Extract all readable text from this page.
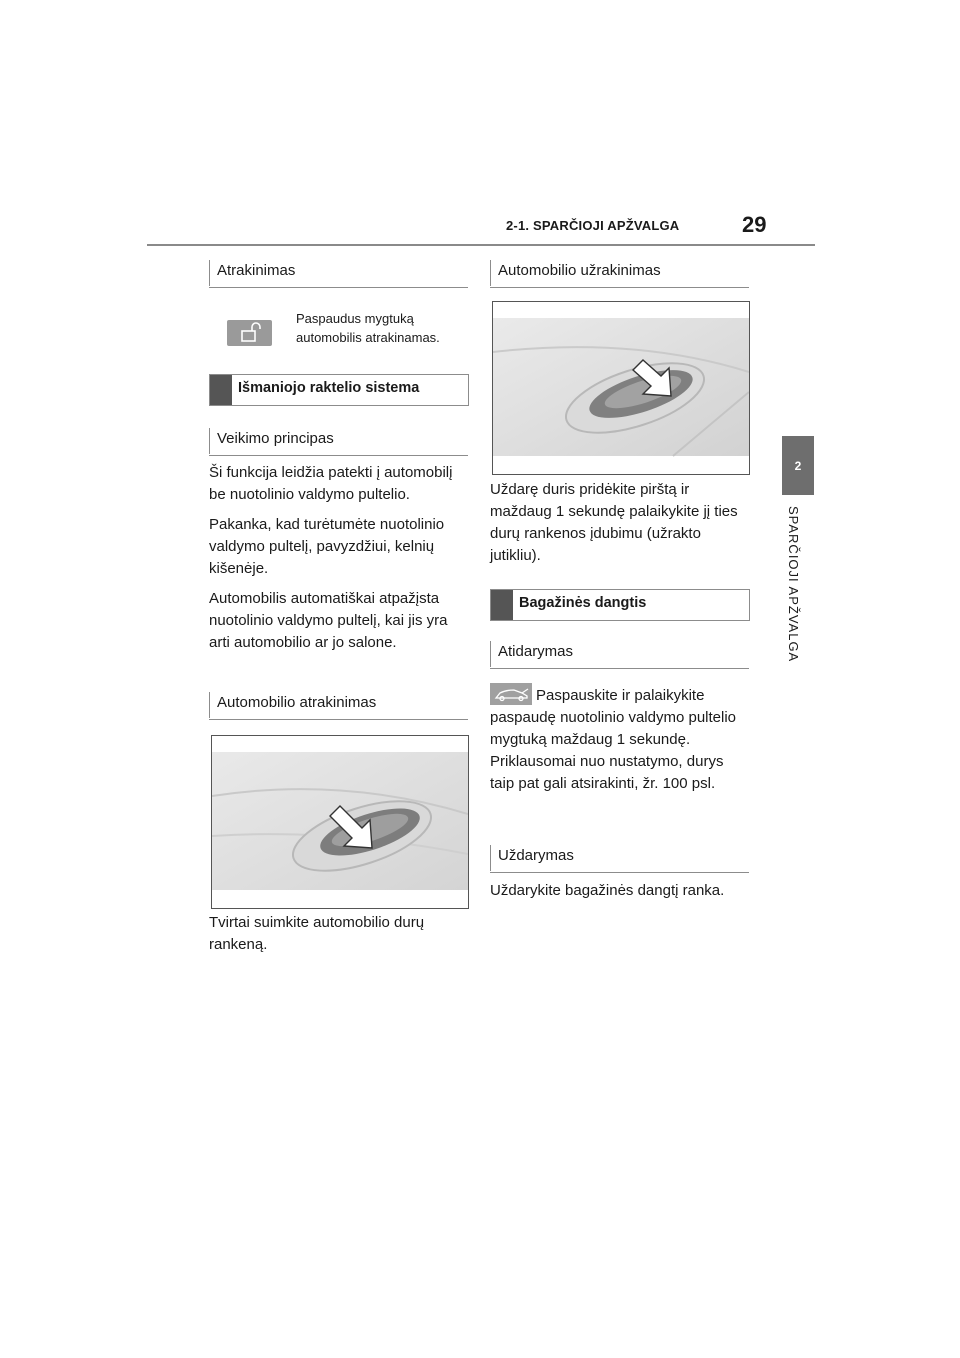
2-1. SPARČIOJI APŽVALGA	29
2
SPARČIOJI APŽVALGA
Atrakinimas
Paspaudus mygtuką
automobilis atrakinamas.
Išmaniojo raktelio sistema
Veikimo principas

Ši funkcija leidžia patekti į automobilį be nuotolinio valdymo pultelio.

Pakanka, kad turėtumėte nuotolinio valdymo pultelį, pavyzdžiui, kelnių kišenėje.

Automobilis automatiškai atpažįsta nuotolinio valdymo pultelį, kai jis yra arti automobilio ar jo salone.

Automobilio atrakinimas

Tvirtai suimkite automobilio durų rankeną.

Automobilio užrakinimas

Uždarę duris pridėkite pirštą ir maždaug 1 sekundę palaikykite jį ties durų rankenos įdubimu (užrakto jutikliu).

Bagažinės dangtis
Atidarymas

Paspauskite ir palaikykite paspaudę nuotolinio valdymo pultelio mygtuką maždaug 1 sekundę. Priklausomai nuo nustatymo, durys taip pat gali atsirakinti, žr. 100 psl.

Uždarymas

Uždarykite bagažinės dangtį ranka.
